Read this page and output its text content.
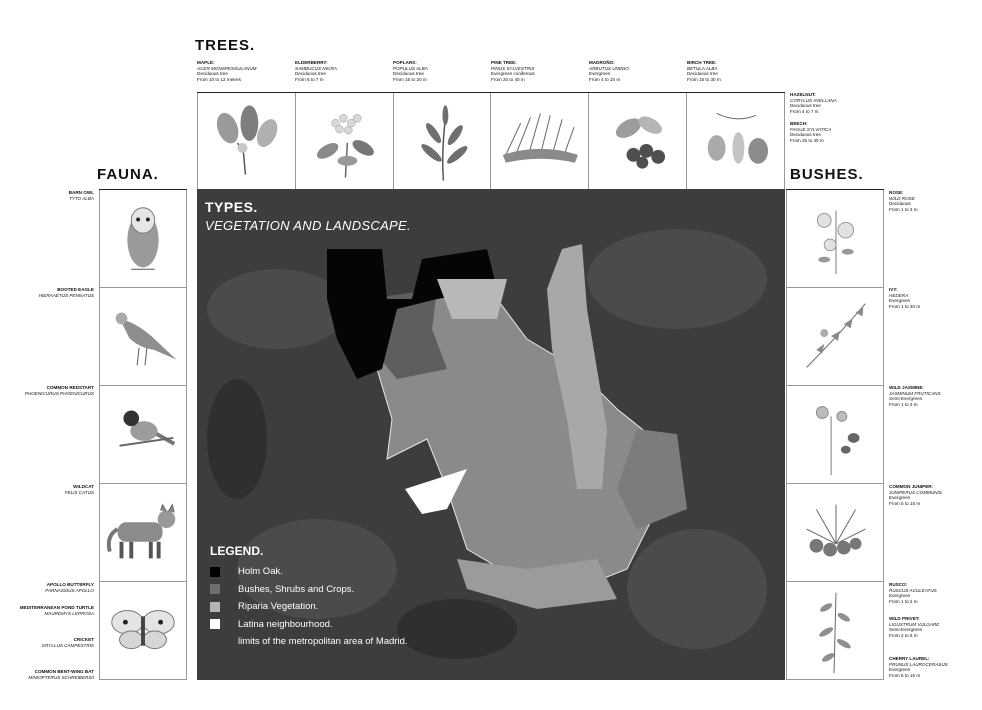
TREES.
FAUNA.	BUSHES.
MAPLE:
ACER MONSPESSULANUM
Deciduous tree
From 10 to 12 metres
ELDERBERRY:
SAMBUCUS NIGRA
Deciduous tree
From 6 to 7 m
POPLARS:
POPULUS ALBA
Deciduous tree
From 15 to 20 m
PINE TREE:
PINUS SYLVESTRIS
Evergreen coniferous
From 20 to 40 m
MADROÑO:
ARBUTUS UNEDO
Evergreen
From 4 to 10 m
BIRCH TREE:
BETULA ALBA
Deciduous tree
From 15 to 30 m
HAZELNUT:
CORYLUS AVELLANA
Deciduous tree
From 4 to 7 m
BEECH:
FAGUS SYLVATICA
Deciduous tree
From 25 to 40 m
BARN OWL
TYTO ALBA
BOOTED EAGLE
HIERAAETUS PENNATUS
COMMON REDSTART
PHOENICURUS PHOENICURUS
WILDCAT
FELIS CATUS
APOLLO BUTTERFLY
PARNASSIUS APOLLO
MEDITERRANEAN POND TURTLE
MAUREMYS LEPROSA
CRICKET
GRYLLUS CAMPESTRIS
COMMON BENT-WING BAT
MINIOPTERUS SCHREIBERSII
ROSE:
WILD ROSE
Deciduous
From 1 to 3 m
IVY:
HEDERA
Evergreen
From 1 to 30 m
WILD JASMINE:
JASMINUM FRUTICANS
Semi-Evergreen
From 1 to 3 m
COMMON JUNIPER:
JUNIPERUS COMMUNIS
Evergreen
From 5 to 15 m
RUSCO:
RUSCUS ACULEATUS
Evergreen
From 1 to 2 m
WILD PRIVET:
LIGUSTRUM VULGARE
Semi-Evergreen
From 2 to 5 m
CHERRY LAUREL:
PRUNUS LAUROCERASUS
Evergreen
From 5 to 15 m
TYPES.
VEGETATION AND LANDSCAPE.
LEGEND.
Holm Oak.
Bushes, Shrubs and Crops.
Riparia Vegetation.
Latina neighbourhood.
limits of the metropolitan area of Madrid.
